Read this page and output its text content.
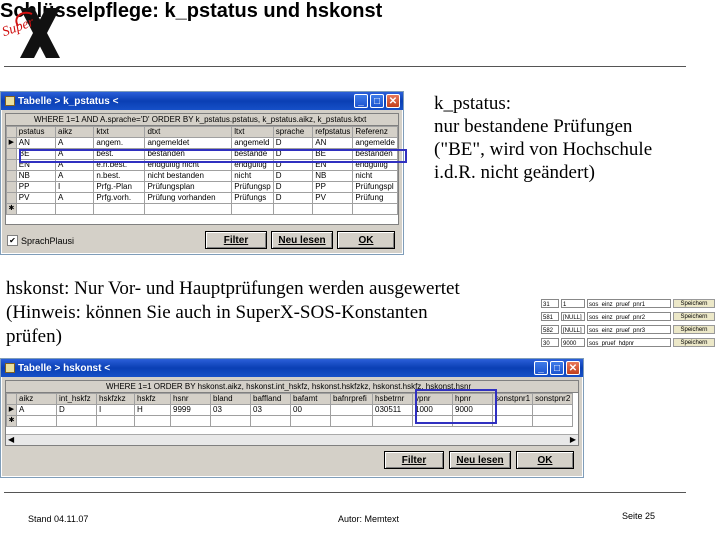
Super
Schlüsselpflege: k_pstatus und hskonst
Tabelle > k_pstatus <	_	□ ✕
WHERE 1=1 AND A.sprache='D' ORDER BY k_pstatus.pstatus, k_pstatus.aikz, k_pstatus.ktxt
	pstatus	aikz	ktxt	dtxt	ltxt	sprache	refpstatus	Referenz
▶	AN	A	angem.	angemeldet	angemeld	D	AN	angemelde
	BE	A	best.	bestanden	bestande	D	BE	bestanden
	EN	A	e.n.best.	endgültig nicht	endgültig	D	EN	endgültig
	NB	A	n.best.	nicht bestanden	nicht	D	NB	nicht
	PP	I	Prfg.-Plan	Prüfungsplan	Prüfungsp	D	PP	Prüfungspl
	PV	A	Prfg.vorh.	Prüfung vorhanden	Prüfungs	D	PV	Prüfung
✱								
✔ SprachPlausi	Filter	Neu lesen	OK
k_pstatus:
nur bestandene Prüfungen
("BE", wird von Hochschule
i.d.R. nicht geändert)
hskonst: Nur Vor- und Hauptprüfungen werden ausgewertet
(Hinweis: können Sie auch in SuperX-SOS-Konstanten
prüfen)
31	1	sos_einz_pruef_pnr1	Speichern
581	[NULL]	sos_einz_pruef_pnr2	Speichern
582	[NULL]	sos_einz_pruef_pnr3	Speichern
30	9000	sos_pruef_hdpnr	Speichern
Tabelle > hskonst <	_	□ ✕
WHERE 1=1 ORDER BY hskonst.aikz, hskonst.int_hskfz, hskonst.hskfzkz, hskonst.hskfz, hskonst.hsnr
	aikz	int_hskfz	hskfzkz	hskfz	hsnr	bland	baffland	bafamt	bafnrprefi	hsbetrnr	vpnr	hpnr	sonstpnr1	sonstpnr2
▶	A	D	I	H	9999	03	03	00		030511	1000	9000		
✱														
◀	▶
Filter	Neu lesen	OK
Stand 04.11.07	Autor: Memtext	Seite 25
